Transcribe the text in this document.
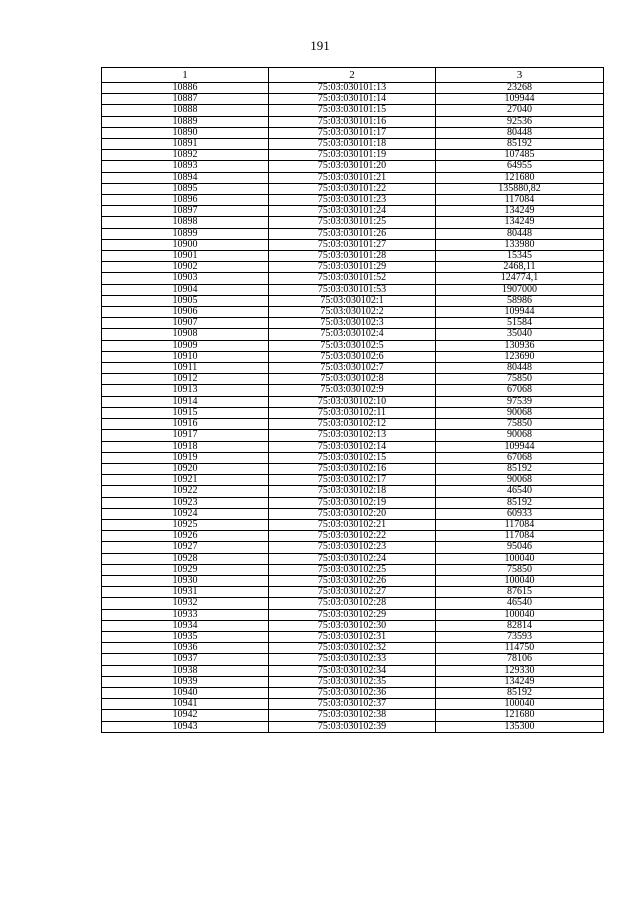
191
1	2	3
10886	75:03:030101:13	23268
10887	75:03:030101:14	109944
10888	75:03:030101:15	27040
10889	75:03:030101:16	92536
10890	75:03:030101:17	80448
10891	75:03:030101:18	85192
10892	75:03:030101:19	107485
10893	75:03:030101:20	64955
10894	75:03:030101:21	121680
10895	75:03:030101:22	135880,82
10896	75:03:030101:23	117084
10897	75:03:030101:24	134249
10898	75:03:030101:25	134249
10899	75:03:030101:26	80448
10900	75:03:030101:27	133980
10901	75:03:030101:28	15345
10902	75:03:030101:29	2468,11
10903	75:03:030101:52	124774,1
10904	75:03:030101:53	1907000
10905	75:03:030102:1	58986
10906	75:03:030102:2	109944
10907	75:03:030102:3	51584
10908	75:03:030102:4	35040
10909	75:03:030102:5	130936
10910	75:03:030102:6	123690
10911	75:03:030102:7	80448
10912	75:03:030102:8	75850
10913	75:03:030102:9	67068
10914	75:03:030102:10	97539
10915	75:03:030102:11	90068
10916	75:03:030102:12	75850
10917	75:03:030102:13	90068
10918	75:03:030102:14	109944
10919	75:03:030102:15	67068
10920	75:03:030102:16	85192
10921	75:03:030102:17	90068
10922	75:03:030102:18	46540
10923	75:03:030102:19	85192
10924	75:03:030102:20	60933
10925	75:03:030102:21	117084
10926	75:03:030102:22	117084
10927	75:03:030102:23	95046
10928	75:03:030102:24	100040
10929	75:03:030102:25	75850
10930	75:03:030102:26	100040
10931	75:03:030102:27	87615
10932	75:03:030102:28	46540
10933	75:03:030102:29	100040
10934	75:03:030102:30	82814
10935	75:03:030102:31	73593
10936	75:03:030102:32	114750
10937	75:03:030102:33	78106
10938	75:03:030102:34	129330
10939	75:03:030102:35	134249
10940	75:03:030102:36	85192
10941	75:03:030102:37	100040
10942	75:03:030102:38	121680
10943	75:03:030102:39	135300
